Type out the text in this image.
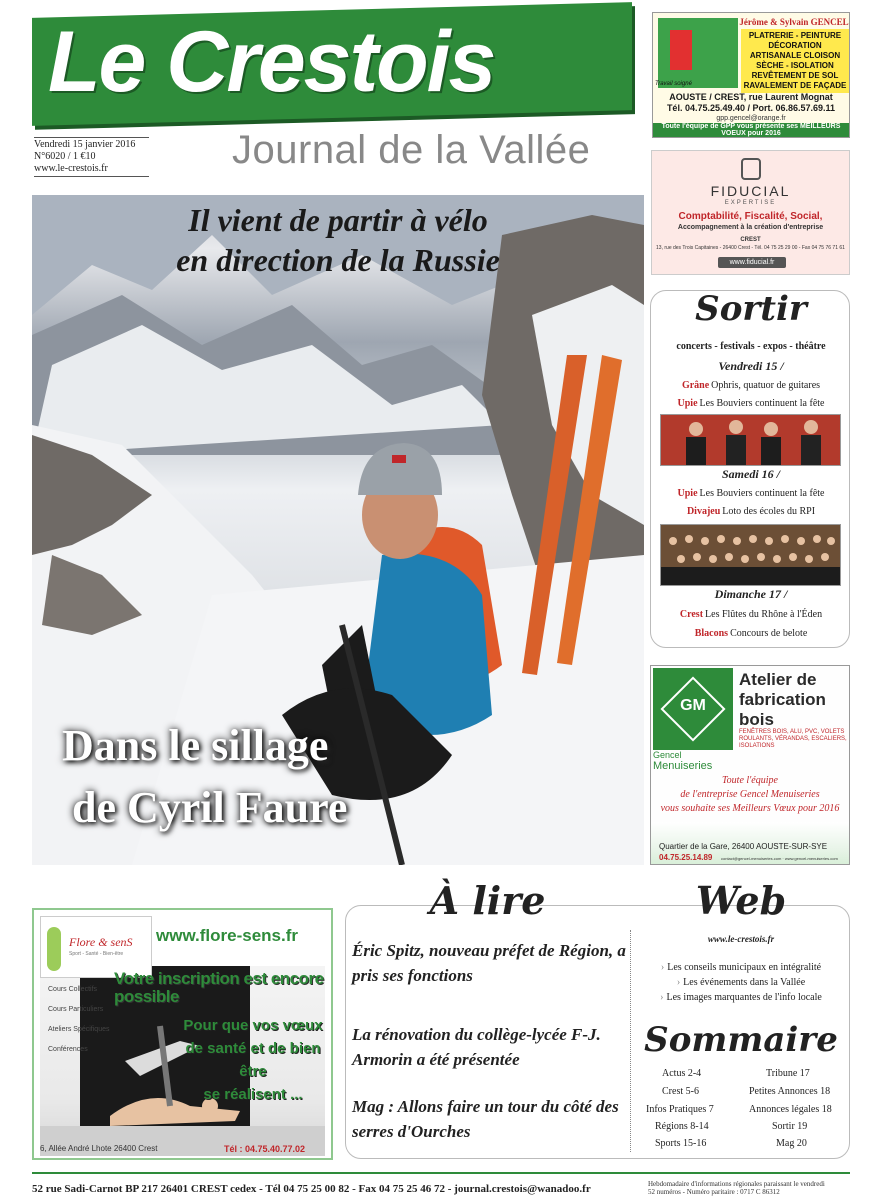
Le Crestois
Vendredi 15 janvier 2016
N°6020 / 1 €10
www.le-crestois.fr	Journal de la Vallée
Il vient de partir à vélo
en direction de la Russie
Dans le sillage
de Cyril Faure
Travail soigné
Jérôme & Sylvain GENCEL
PLATRERIE - PEINTURE DÉCORATION ARTISANALE CLOISON SÈCHE - ISOLATION REVÊTEMENT DE SOL RAVALEMENT DE FAÇADE
AOUSTE / CREST, rue Laurent Mognat
Tél. 04.75.25.49.40 / Port. 06.86.57.69.11
gpp.gencel@orange.fr
Toute l'équipe de GPP vous présente ses MEILLEURS VOEUX pour 2016
FIDUCIAL
EXPERTISE
Comptabilité, Fiscalité, Social,
Accompagnement à la création d'entreprise
CREST
13, rue des Trois Capitaines - 26400 Crest - Tél. 04 75 25 29 00 - Fax 04 75 76 71 61
www.fiducial.fr
Sortir
concerts - festivals - expos - théâtre
Vendredi 15 /
Grâne Ophris, quatuor de guitares
Upie Les Bouviers continuent la fête
Samedi 16 /
Upie Les Bouviers continuent la fête
Divajeu Loto des écoles du RPI
Dimanche 17 /
Crest Les Flûtes du Rhône à l'Éden
Blacons Concours de belote
GM
Gencel
Menuiseries
Atelier de fabrication bois
FENÊTRES BOIS, ALU, PVC, VOLETS ROULANTS, VÉRANDAS, ESCALIERS, ISOLATIONS
Toute l'équipe
de l'entreprise Gencel Menuiseries
vous souhaite ses Meilleurs Vœux pour 2016
Quartier de la Gare, 26400 AOUSTE-SUR-SYE
04.75.25.14.89 contact@gencel-menuiseries.com · www.gencel-menuiseries.com
Flore & senS
Sport - Santé - Bien-être
www.flore-sens.fr
Votre inscription est encore possible
Pour que vos vœux
de santé et de bien être
se réalisent ...
Cours Collectifs
Cours Particuliers
Ateliers Spécifiques
Conférences
6, Allée André Lhote 26400 Crest	Tél : 04.75.40.77.02
À lire	Web
Éric Spitz, nouveau préfet de Région, a pris ses fonctions
La rénovation du collège-lycée F-J. Armorin a été présentée
Mag : Allons faire un tour du côté des serres d'Ourches
www.le-crestois.fr
› Les conseils municipaux en intégralité
› Les événements dans la Vallée
› Les images marquantes de l'info locale
Sommaire
Actus 2-4
Crest 5-6
Infos Pratiques 7
Régions 8-14
Sports 15-16
Tribune 17
Petites Annonces 18
Annonces légales 18
Sortir 19
Mag 20
52 rue Sadi-Carnot BP 217 26401 CREST cedex - Tél 04 75 25 00 82 - Fax 04 75 25 46 72 - journal.crestois@wanadoo.fr	Hebdomadaire d'informations régionales paraissant le vendredi
52 numéros - Numéro paritaire : 0717 C 86312
